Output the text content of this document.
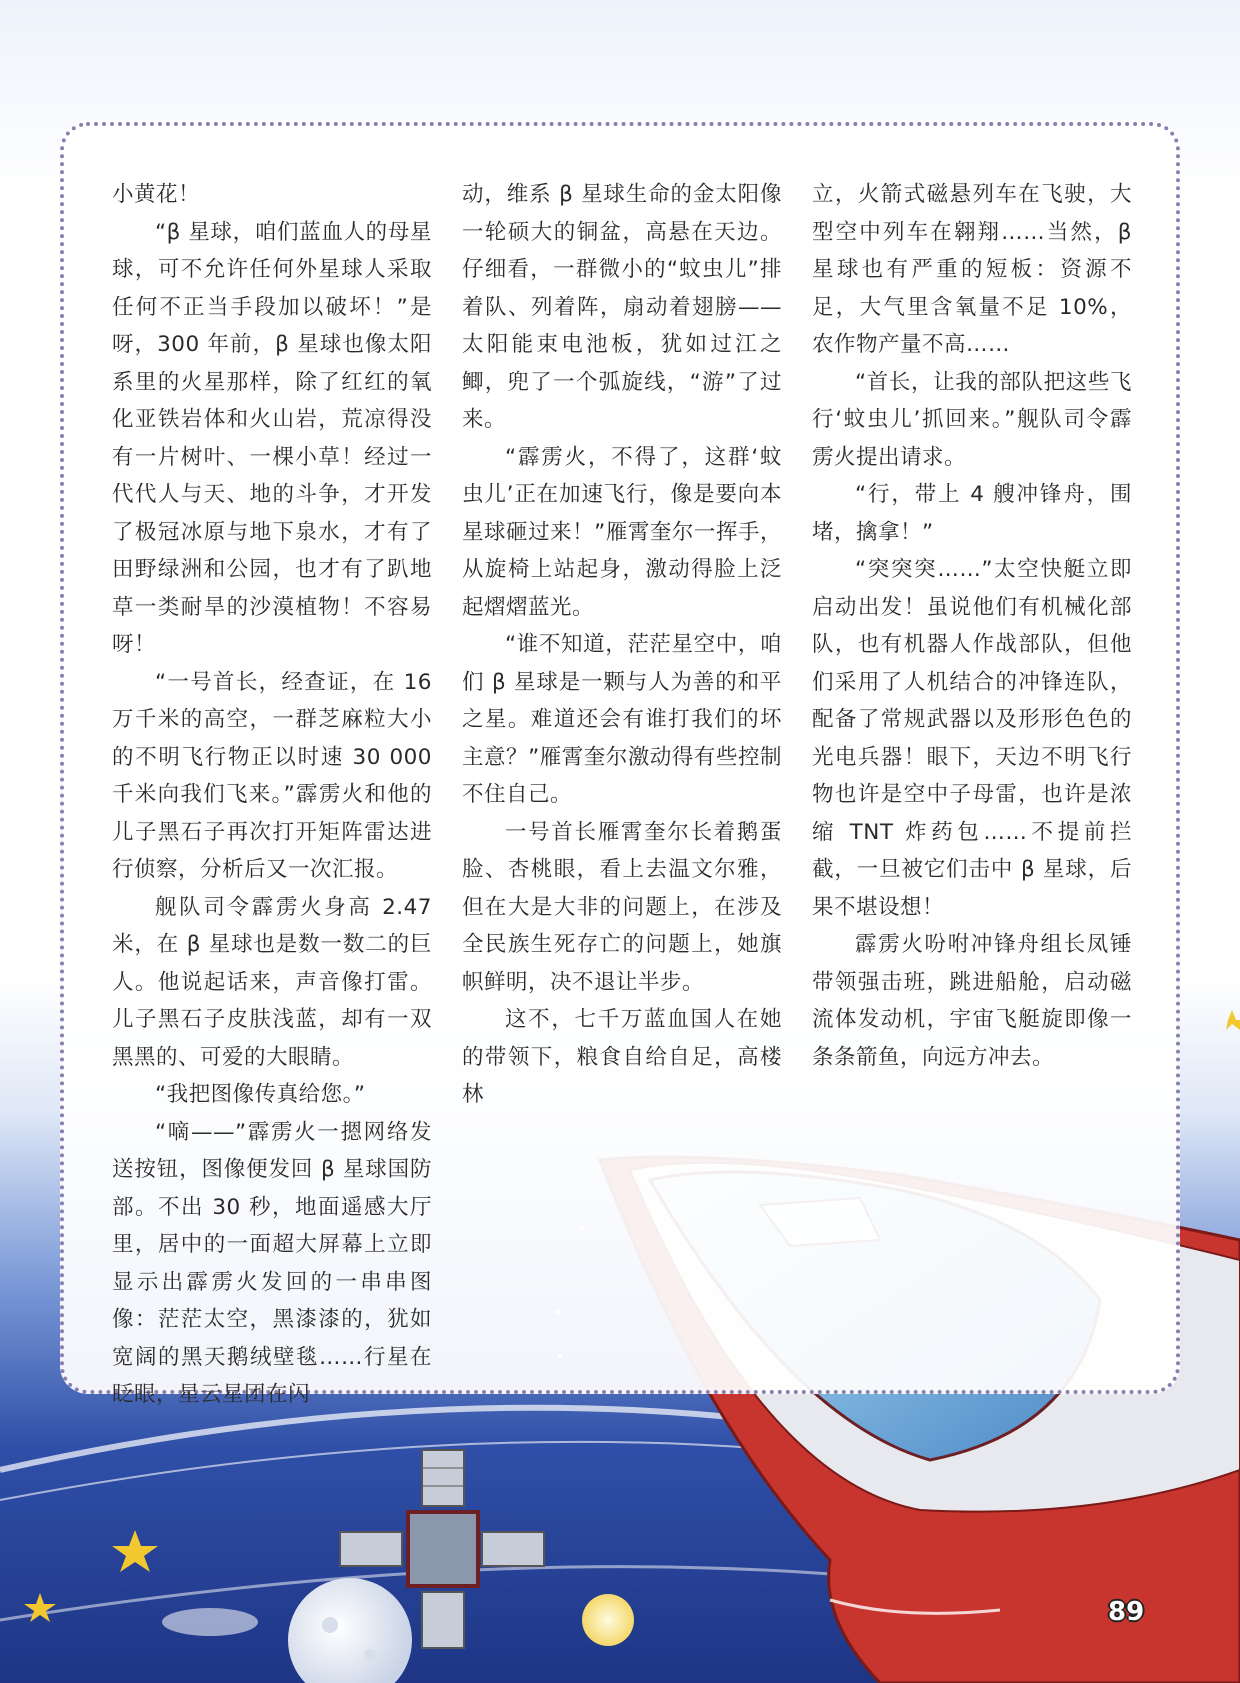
小黄花！

“β 星球，咱们蓝血人的母星球，可不允许任何外星球人采取任何不正当手段加以破坏！”是呀，300 年前，β 星球也像太阳系里的火星那样，除了红红的氧化亚铁岩体和火山岩，荒凉得没有一片树叶、一棵小草！经过一代代人与天、地的斗争，才开发了极冠冰原与地下泉水，才有了田野绿洲和公园，也才有了趴地草一类耐旱的沙漠植物！不容易呀！

“一号首长，经查证，在 16 万千米的高空，一群芝麻粒大小的不明飞行物正以时速 30 000 千米向我们飞来。”霹雳火和他的儿子黑石子再次打开矩阵雷达进行侦察，分析后又一次汇报。

舰队司令霹雳火身高 2.47 米，在 β 星球也是数一数二的巨人。他说起话来，声音像打雷。儿子黑石子皮肤浅蓝，却有一双黑黑的、可爱的大眼睛。

“我把图像传真给您。”

“嘀——”霹雳火一摁网络发送按钮，图像便发回 β 星球国防部。不出 30 秒，地面遥感大厅里，居中的一面超大屏幕上立即显示出霹雳火发回的一串串图像：茫茫太空，黑漆漆的，犹如宽阔的黑天鹅绒壁毯……行星在眨眼，星云星团在闪

动，维系 β 星球生命的金太阳像一轮硕大的铜盆，高悬在天边。仔细看，一群微小的“蚊虫儿”排着队、列着阵，扇动着翅膀——太阳能束电池板，犹如过江之鲫，兜了一个弧旋线，“游”了过来。

“霹雳火，不得了，这群‘蚊虫儿’正在加速飞行，像是要向本星球砸过来！”雁霄奎尔一挥手，从旋椅上站起身，激动得脸上泛起熠熠蓝光。

“谁不知道，茫茫星空中，咱们 β 星球是一颗与人为善的和平之星。难道还会有谁打我们的坏主意？”雁霄奎尔激动得有些控制不住自己。

一号首长雁霄奎尔长着鹅蛋脸、杏桃眼，看上去温文尔雅，但在大是大非的问题上，在涉及全民族生死存亡的问题上，她旗帜鲜明，决不退让半步。

这不，七千万蓝血国人在她的带领下，粮食自给自足，高楼林

立，火箭式磁悬列车在飞驶，大型空中列车在翱翔……当然，β 星球也有严重的短板：资源不足，大气里含氧量不足 10%，农作物产量不高……

“首长，让我的部队把这些飞行‘蚊虫儿’抓回来。”舰队司令霹雳火提出请求。

“行，带上 4 艘冲锋舟，围堵，擒拿！”

“突突突……”太空快艇立即启动出发！虽说他们有机械化部队，也有机器人作战部队，但他们采用了人机结合的冲锋连队，配备了常规武器以及形形色色的光电兵器！眼下，天边不明飞行物也许是空中子母雷，也许是浓缩 TNT 炸药包……不提前拦截，一旦被它们击中 β 星球，后果不堪设想！

霹雳火吩咐冲锋舟组长凤锤带领强击班，跳进船舱，启动磁流体发动机，宇宙飞艇旋即像一条条箭鱼，向远方冲去。

89
